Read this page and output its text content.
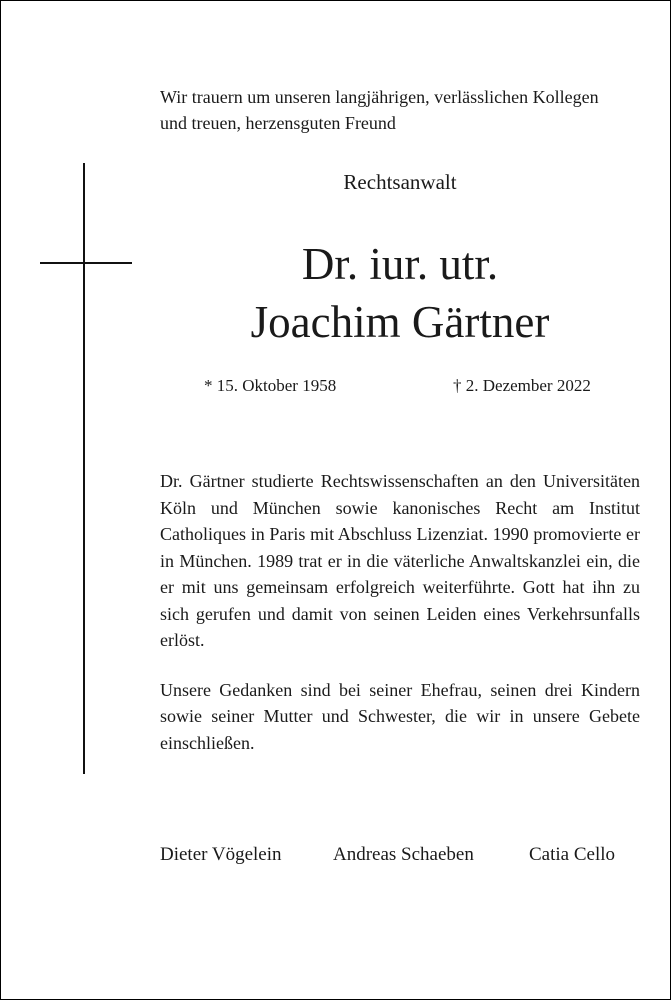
Wir trauern um unseren langjährigen, verlässlichen Kollegen
und treuen, herzensguten Freund
Rechtsanwalt
Dr. iur. utr.
Joachim Gärtner
* 15. Oktober 1958	† 2. Dezember 2022

Dr. Gärtner studierte Rechtswissenschaften an den Universitäten Köln und München sowie kanonisches Recht am Institut Catholiques in Paris mit Abschluss Lizenziat. 1990 promovierte er in München. 1989 trat er in die väterliche Anwaltskanzlei ein, die er mit uns gemeinsam erfolgreich weiterführte. Gott hat ihn zu sich gerufen und damit von seinen Leiden eines Verkehrsunfalls erlöst.

Unsere Gedanken sind bei seiner Ehefrau, seinen drei Kindern sowie seiner Mutter und Schwester, die wir in unsere Gebete einschließen.

Dieter Vögelein	Andreas Schaeben	Catia Cello
